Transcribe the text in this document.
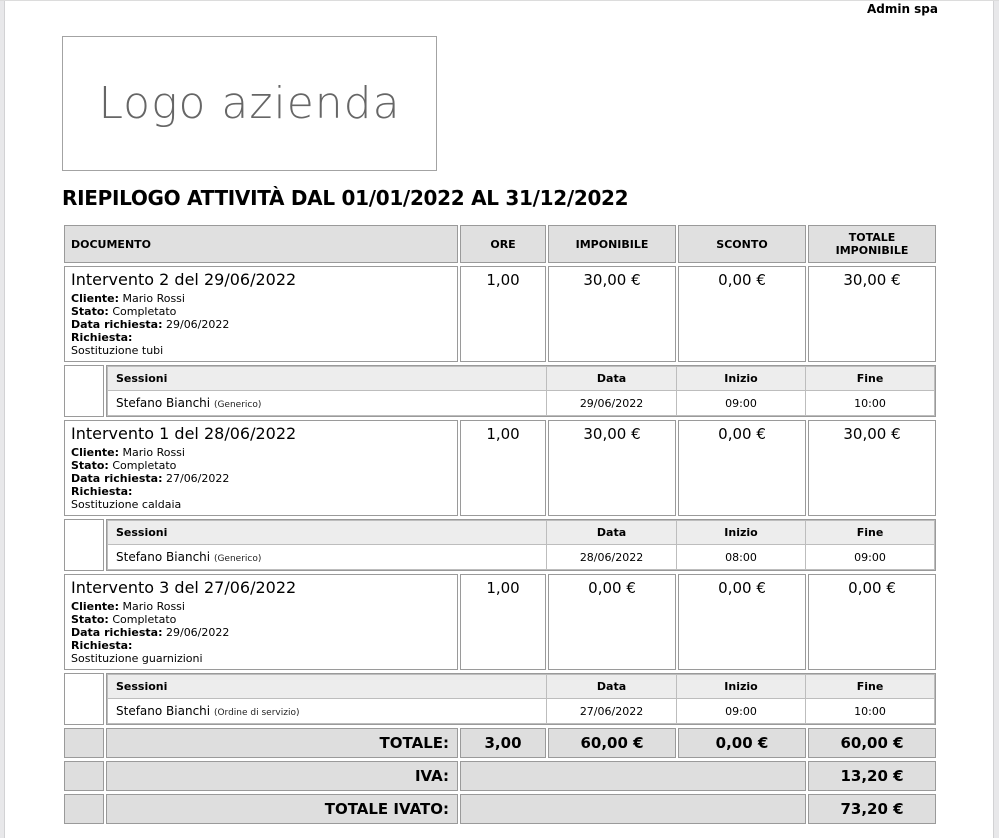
Admin spa
Logo azienda
RIEPILOGO ATTIVITÀ DAL 01/01/2022 AL 31/12/2022
DOCUMENTO	ORE	IMPONIBILE	SCONTO	TOTALE IMPONIBILE

Intervento 2 del 29/06/2022
Cliente: Mario Rossi
Stato: Completato
Data richiesta: 29/06/2022
Richiesta:
Sostituzione tubi
	1,00	30,00 €	0,00 €	30,00 €

Sessioni	Data	Inizio	Fine
Stefano Bianchi (Generico)	29/06/2022	09:00	10:00

Intervento 1 del 28/06/2022
Cliente: Mario Rossi
Stato: Completato
Data richiesta: 27/06/2022
Richiesta:
Sostituzione caldaia
	1,00	30,00 €	0,00 €	30,00 €

Sessioni	Data	Inizio	Fine
Stefano Bianchi (Generico)	28/06/2022	08:00	09:00

Intervento 3 del 27/06/2022
Cliente: Mario Rossi
Stato: Completato
Data richiesta: 29/06/2022
Richiesta:
Sostituzione guarnizioni
	1,00	0,00 €	0,00 €	0,00 €

Sessioni	Data	Inizio	Fine
Stefano Bianchi (Ordine di servizio)	27/06/2022	09:00	10:00

	TOTALE:	3,00	60,00 €	0,00 €	60,00 €
	IVA:		13,20 €
	TOTALE IVATO:		73,20 €
